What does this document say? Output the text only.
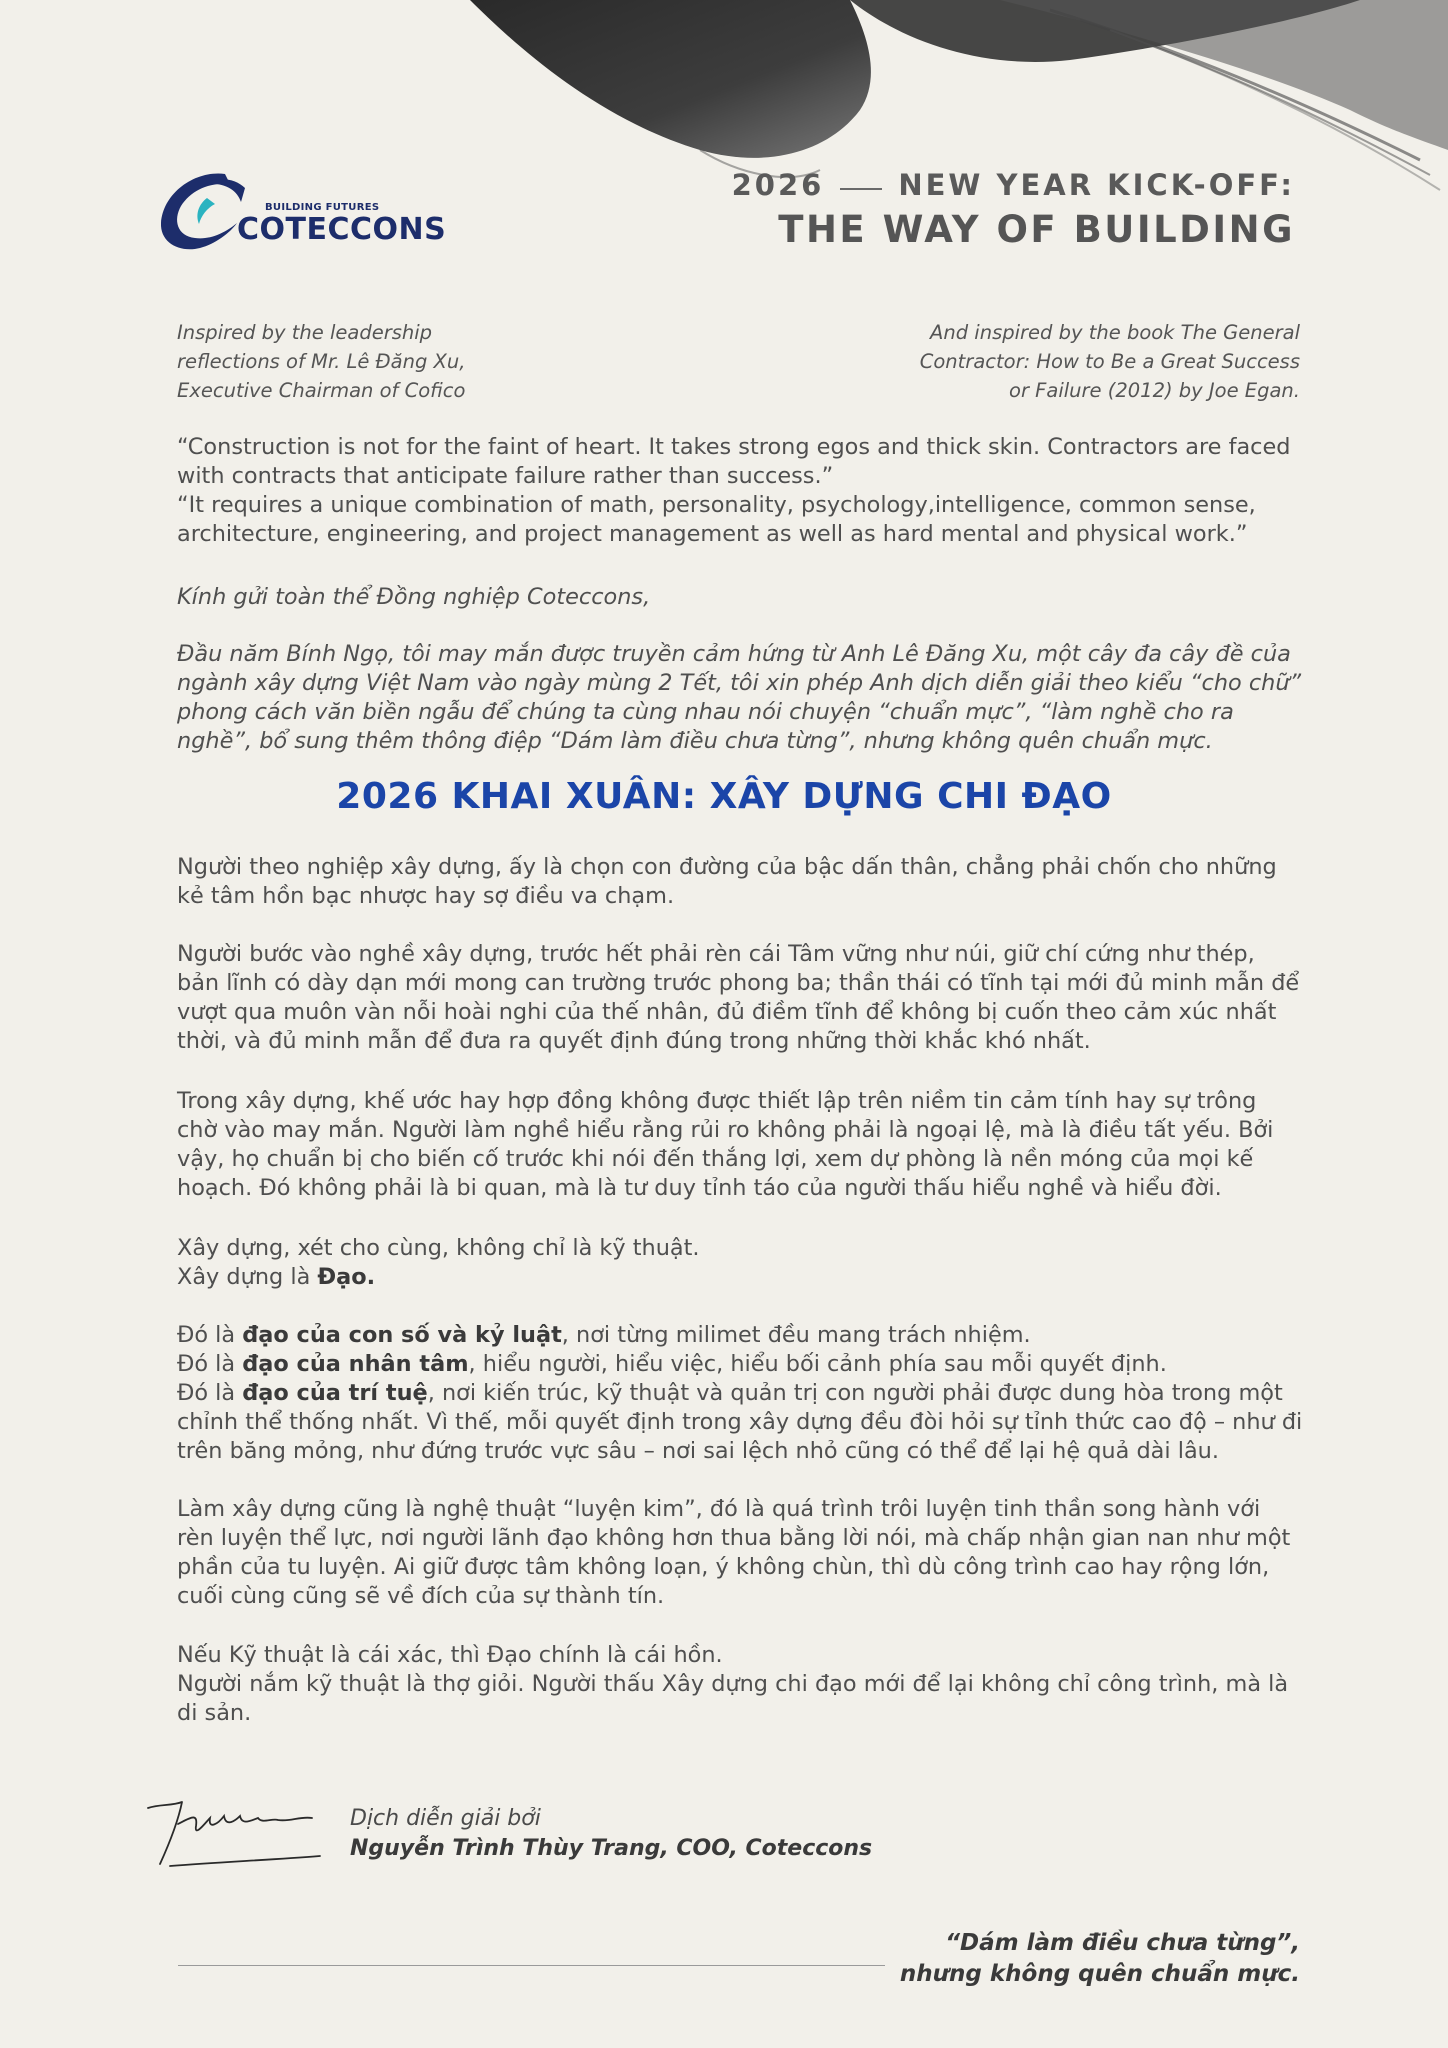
BUILDING FUTURES
COTECCONS
2026	NEW YEAR KICK-OFF:
THE WAY OF BUILDING
Inspired by the leadership
reflections of Mr. Lê Đăng Xu,
Executive Chairman of Cofico
And inspired by the book The General
Contractor: How to Be a Great Success
or Failure (2012) by Joe Egan.

“Construction is not for the faint of heart. It takes strong egos and thick skin. Contractors are faced with contracts that anticipate failure rather than success.”

“It requires a unique combination of math, personality, psychology,intelligence, common sense, architecture, engineering, and project management as well as hard mental and physical work.”

Kính gửi toàn thể Đồng nghiệp Coteccons,
Đầu năm Bính Ngọ, tôi may mắn được truyền cảm hứng từ Anh Lê Đăng Xu, một cây đa cây đề của ngành xây dựng Việt Nam vào ngày mùng 2 Tết, tôi xin phép Anh dịch diễn giải theo kiểu “cho chữ” phong cách văn biền ngẫu để chúng ta cùng nhau nói chuyện “chuẩn mực”, “làm nghề cho ra nghề”, bổ sung thêm thông điệp “Dám làm điều chưa từng”, nhưng không quên chuẩn mực.
2026 KHAI XUÂN: XÂY DỰNG CHI ĐẠO
Người theo nghiệp xây dựng, ấy là chọn con đường của bậc dấn thân, chẳng phải chốn cho những kẻ tâm hồn bạc nhược hay sợ điều va chạm.
Người bước vào nghề xây dựng, trước hết phải rèn cái Tâm vững như núi, giữ chí cứng như thép, bản lĩnh có dày dạn mới mong can trường trước phong ba; thần thái có tĩnh tại mới đủ minh mẫn để vượt qua muôn vàn nỗi hoài nghi của thế nhân, đủ điềm tĩnh để không bị cuốn theo cảm xúc nhất thời, và đủ minh mẫn để đưa ra quyết định đúng trong những thời khắc khó nhất.
Trong xây dựng, khế ước hay hợp đồng không được thiết lập trên niềm tin cảm tính hay sự trông chờ vào may mắn. Người làm nghề hiểu rằng rủi ro không phải là ngoại lệ, mà là điều tất yếu. Bởi vậy, họ chuẩn bị cho biến cố trước khi nói đến thắng lợi, xem dự phòng là nền móng của mọi kế hoạch. Đó không phải là bi quan, mà là tư duy tỉnh táo của người thấu hiểu nghề và hiểu đời.

Xây dựng, xét cho cùng, không chỉ là kỹ thuật.

Xây dựng là Đạo.

Đó là đạo của con số và kỷ luật, nơi từng milimet đều mang trách nhiệm.

Đó là đạo của nhân tâm, hiểu người, hiểu việc, hiểu bối cảnh phía sau mỗi quyết định.

Đó là đạo của trí tuệ, nơi kiến trúc, kỹ thuật và quản trị con người phải được dung hòa trong một chỉnh thể thống nhất. Vì thế, mỗi quyết định trong xây dựng đều đòi hỏi sự tỉnh thức cao độ – như đi trên băng mỏng, như đứng trước vực sâu – nơi sai lệch nhỏ cũng có thể để lại hệ quả dài lâu.

Làm xây dựng cũng là nghệ thuật “luyện kim”, đó là quá trình trôi luyện tinh thần song hành với rèn luyện thể lực, nơi người lãnh đạo không hơn thua bằng lời nói, mà chấp nhận gian nan như một phần của tu luyện. Ai giữ được tâm không loạn, ý không chùn, thì dù công trình cao hay rộng lớn, cuối cùng cũng sẽ về đích của sự thành tín.

Nếu Kỹ thuật là cái xác, thì Đạo chính là cái hồn.

Người nắm kỹ thuật là thợ giỏi. Người thấu Xây dựng chi đạo mới để lại không chỉ công trình, mà là di sản.

Dịch diễn giải bởi
Nguyễn Trình Thùy Trang, COO, Coteccons
“Dám làm điều chưa từng”,
nhưng không quên chuẩn mực.
